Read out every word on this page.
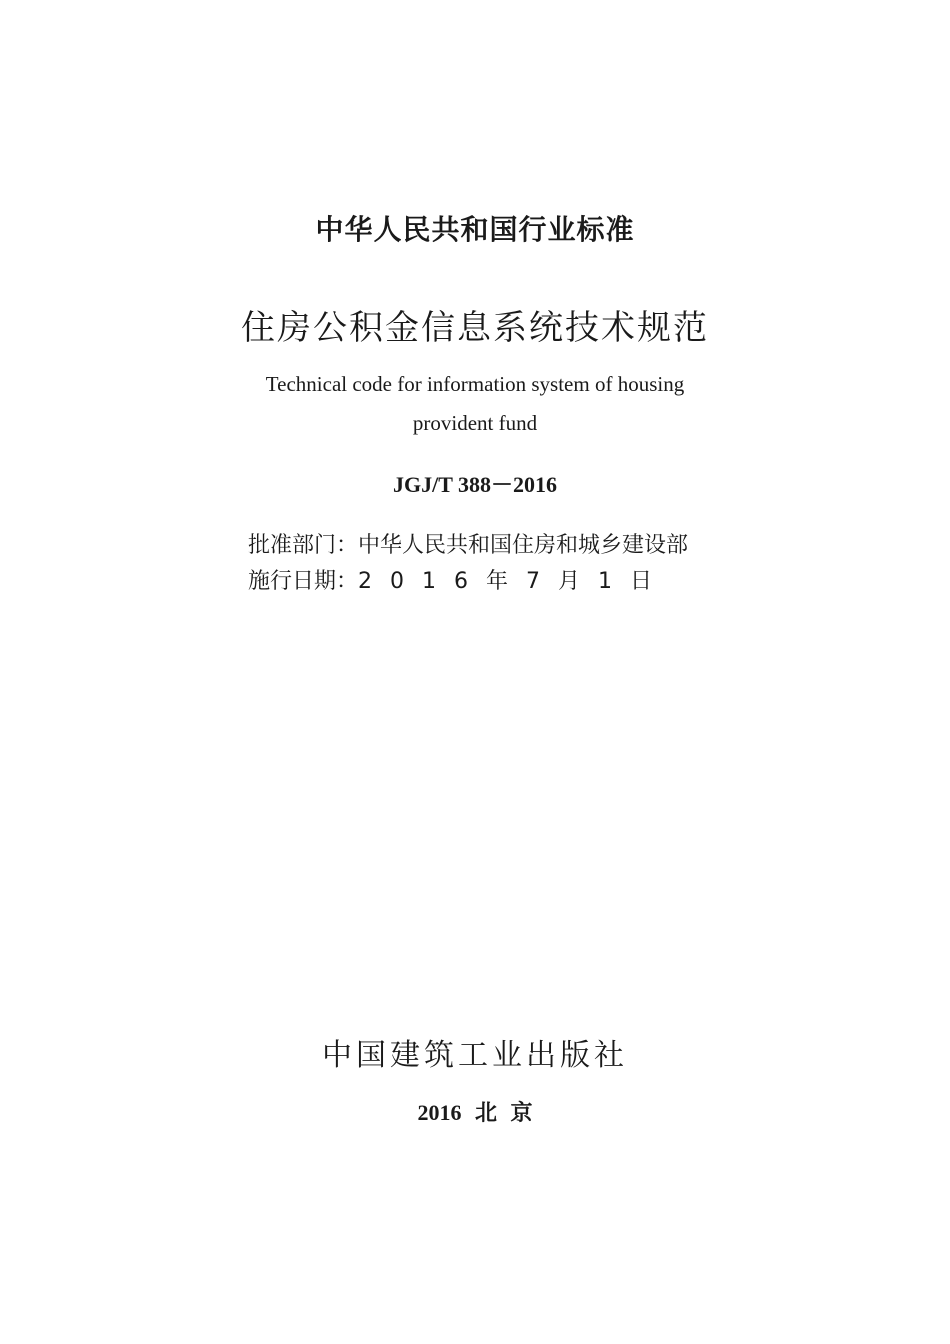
中华人民共和国行业标准
住房公积金信息系统技术规范
Technical code for information system of housing
provident fund
JGJ/T 388－2016
批准部门：中华人民共和国住房和城乡建设部
施行日期：2016年7月1日
中国建筑工业出版社
2016 北 京
